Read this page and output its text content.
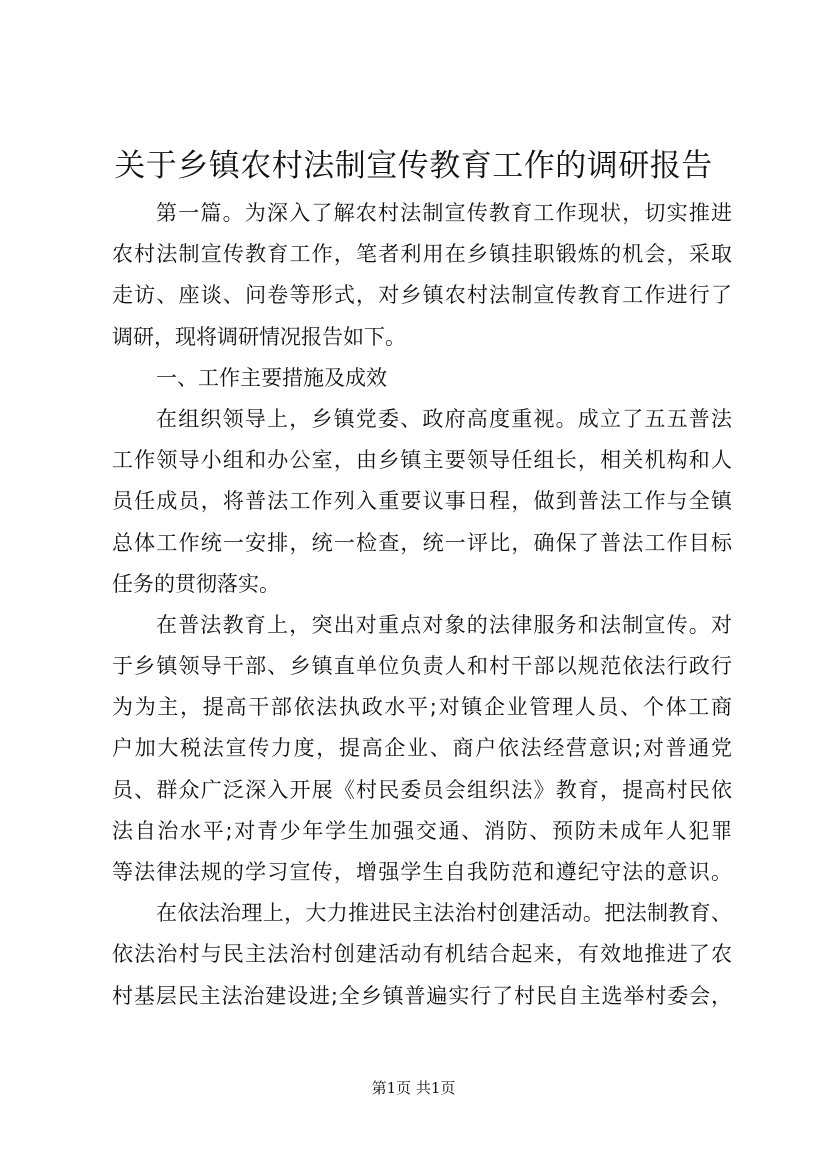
关于乡镇农村法制宣传教育工作的调研报告
第一篇。为深入了解农村法制宣传教育工作现状，切实推进
农村法制宣传教育工作，笔者利用在乡镇挂职锻炼的机会，采取
走访、座谈、问卷等形式，对乡镇农村法制宣传教育工作进行了
调研，现将调研情况报告如下。
一、工作主要措施及成效
在组织领导上，乡镇党委、政府高度重视。成立了五五普法
工作领导小组和办公室，由乡镇主要领导任组长，相关机构和人
员任成员，将普法工作列入重要议事日程，做到普法工作与全镇
总体工作统一安排，统一检查，统一评比，确保了普法工作目标
任务的贯彻落实。
在普法教育上，突出对重点对象的法律服务和法制宣传。对
于乡镇领导干部、乡镇直单位负责人和村干部以规范依法行政行
为为主，提高干部依法执政水平;对镇企业管理人员、个体工商
户加大税法宣传力度，提高企业、商户依法经营意识;对普通党
员、群众广泛深入开展《村民委员会组织法》教育，提高村民依
法自治水平;对青少年学生加强交通、消防、预防未成年人犯罪
等法律法规的学习宣传，增强学生自我防范和遵纪守法的意识。
在依法治理上，大力推进民主法治村创建活动。把法制教育、
依法治村与民主法治村创建活动有机结合起来，有效地推进了农
村基层民主法治建设进;全乡镇普遍实行了村民自主选举村委会，
第1页 共1页
